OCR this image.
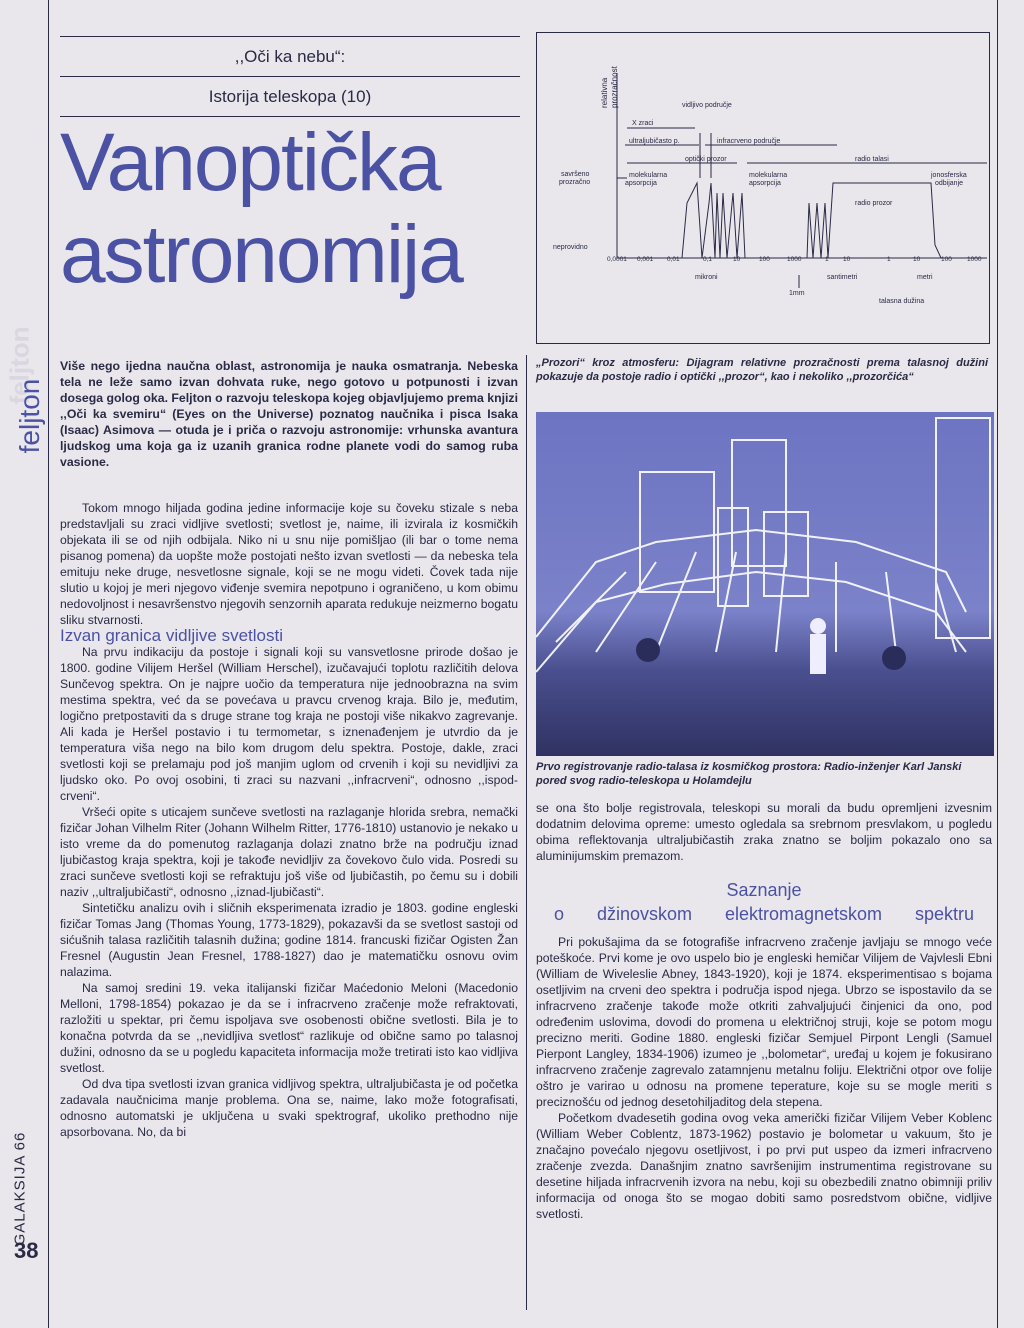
feljton
feljton
GALAKSIJA 66
38
,,Oči ka nebu“:
Istorija teleskopa (10)
Vanoptička
astronomija
relativna prozračnost	vidljivo područje
X zraci
ultraljubičasto p.	infracrveno područje
optički prozor	radio talasi
savršeno
prozračno
molekularna
apsorpcija
molekularna
apsorpcija
radio prozor
jonosferska
odbijanje
neprovidno
0,0001 0,001 0,01	0,1	10	100	1000	1 10	1	10	100 1000
mikroni	santimetri	metri
1mm
talasna dužina
„Prozori“ kroz atmosferu: Dijagram relativne prozračnosti prema talasnoj dužini pokazuje da postoje radio i optički ,,prozor“, kao i nekoliko ,,prozorčića“
Prvo registrovanje radio-talasa iz kosmičkog prostora: Radio-inženjer Karl Janski pored svog radio-teleskopa u Holamdejlu
Više nego ijedna naučna oblast, astronomija je nauka osmatranja. Nebeska tela ne leže samo izvan dohvata ruke, nego gotovo u potpunosti i izvan dosega golog oka. Feljton o razvoju teleskopa kojeg objavljujemo prema knjizi ,,Oči ka svemiru“ (Eyes on the Universe) poznatog naučnika i pisca Isaka (Isaac) Asimova — otuda je i priča o razvoju astronomije: vrhunska avantura ljudskog uma koja ga iz uzanih granica rodne planete vodi do samog ruba vasione.

Tokom mnogo hiljada godina jedine informacije koje su čoveku stizale s neba predstavljali su zraci vidljive svetlosti; svetlost je, naime, ili izvirala iz kosmičkih objekata ili se od njih odbijala. Niko ni u snu nije pomišljao (ili bar o tome nema pisanog pomena) da uopšte može postojati nešto izvan svetlosti — da nebeska tela emituju neke druge, nesvetlosne signale, koji se ne mogu videti. Čovek tada nije slutio u kojoj je meri njegovo viđenje svemira nepotpuno i ograničeno, u kom obimu nedovoljnost i nesavršenstvo njegovih senzornih aparata redukuje neizmerno bogatu sliku stvarnosti.

Izvan granica vidljive svetlosti

Na prvu indikaciju da postoje i signali koji su vansvetlosne prirode došao je 1800. godine Vilijem Heršel (William Herschel), izučavajući toplotu različitih delova Sunčevog spektra. On je najpre uočio da temperatura nije jednoobrazna na svim mestima spektra, već da se povećava u pravcu crvenog kraja. Bilo je, međutim, logično pretpostaviti da s druge strane tog kraja ne postoji više nikakvo zagrevanje. Ali kada je Heršel postavio i tu termometar, s iznenađenjem je utvrdio da je temperatura viša nego na bilo kom drugom delu spektra. Postoje, dakle, zraci svetlosti koji se prelamaju pod još manjim uglom od crvenih i koji su nevidljivi za ljudsko oko. Po ovoj osobini, ti zraci su nazvani ,,infracrveni“, odnosno ,,ispod-crveni“.

Vršeći opite s uticajem sunčeve svetlosti na razlaganje hlorida srebra, nemački fizičar Johan Vilhelm Riter (Johann Wilhelm Ritter, 1776-1810) ustanovio je nekako u isto vreme da do pomenutog razlaganja dolazi znatno brže na području iznad ljubičastog kraja spektra, koji je takođe nevidljiv za čovekovo čulo vida. Posredi su zraci sunčeve svetlosti koji se refraktuju još više od ljubičastih, po čemu su i dobili naziv ,,ultraljubičasti“, odnosno ,,iznad-ljubičasti“.

Sintetičku analizu ovih i sličnih eksperimenata izradio je 1803. godine engleski fizičar Tomas Jang (Thomas Young, 1773-1829), pokazavši da se svetlost sastoji od sićušnih talasa različitih talasnih dužina; godine 1814. francuski fizičar Ogisten Žan Fresnel (Augustin Jean Fresnel, 1788-1827) dao je matematičku osnovu ovim nalazima.

Na samoj sredini 19. veka italijanski fizičar Maćedonio Meloni (Macedonio Melloni, 1798-1854) pokazao je da se i infracrveno zračenje može refraktovati, razložiti u spektar, pri čemu ispoljava sve osobenosti obične svetlosti. Bila je to konačna potvrda da se ,,nevidljiva svetlost“ razlikuje od obične samo po talasnoj dužini, odnosno da se u pogledu kapaciteta informacija može tretirati isto kao vidljiva svetlost.

Od dva tipa svetlosti izvan granica vidljivog spektra, ultraljubičasta je od početka zadavala naučnicima manje problema. Ona se, naime, lako može fotografisati, odnosno automatski je uključena u svaki spektrograf, ukoliko prethodno nije apsorbovana. No, da bi

se ona što bolje registrovala, teleskopi su morali da budu opremljeni izvesnim dodatnim delovima opreme: umesto ogledala sa srebrnom presvlakom, u pogledu obima reflektovanja ultraljubičastih zraka znatno se boljim pokazalo ono sa aluminijumskim premazom.

Saznanje
o džinovskom elektromagnetskom spektru

Pri pokušajima da se fotografiše infracrveno zračenje javljaju se mnogo veće poteškoće. Prvi kome je ovo uspelo bio je engleski hemičar Vilijem de Vajvlesli Ebni (William de Wiveleslie Abney, 1843-1920), koji je 1874. eksperimentisao s bojama osetljivim na crveni deo spektra i područja ispod njega. Ubrzo se ispostavilo da se infracrveno zračenje takođe može otkriti zahvaljujući činjenici da ono, pod određenim uslovima, dovodi do promena u električnoj struji, koje se potom mogu precizno meriti. Godine 1880. engleski fizičar Semjuel Pirpont Lengli (Samuel Pierpont Langley, 1834-1906) izumeo je ,,bolometar“, uređaj u kojem je fokusirano infracrveno zračenje zagrevalo zatamnjenu metalnu foliju. Električni otpor ove folije oštro je varirao u odnosu na promene teperature, koje su se mogle meriti s preciznošću od jednog desetohiljaditog dela stepena.

Početkom dvadesetih godina ovog veka američki fizičar Vilijem Veber Koblenc (William Weber Coblentz, 1873-1962) postavio je bolometar u vakuum, što je značajno povećalo njegovu osetljivost, i po prvi put uspeo da izmeri infracrveno zračenje zvezda. Današnjim znatno savršenijim instrumentima registrovane su desetine hiljada infracrvenih izvora na nebu, koji su obezbedili znatno obimniji priliv informacija od onoga što se mogao dobiti samo posredstvom obične, vidljive svetlosti.
